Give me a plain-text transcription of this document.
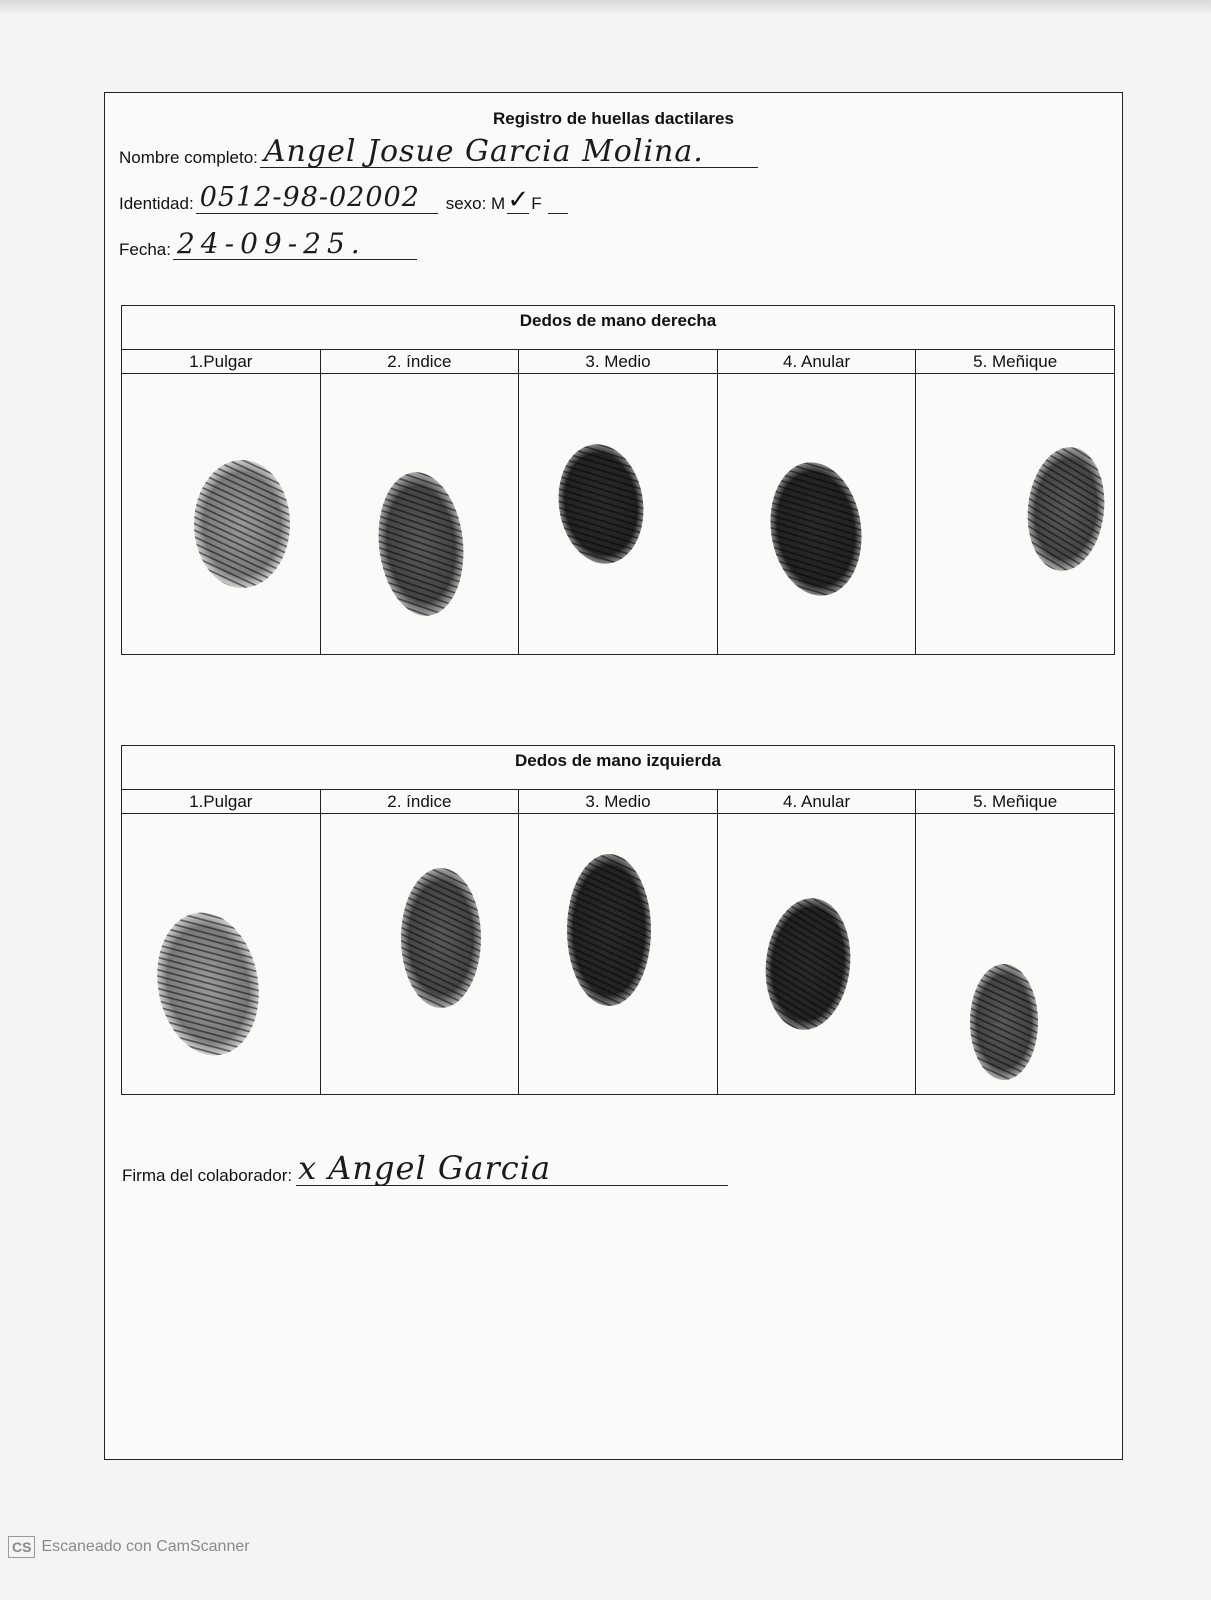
Registro de huellas dactilares
Nombre completo: Angel Josue Garcia Molina.
Identidad: 0512-98-02002	sexo: M ✓ F
Fecha: 24-09-25.
Dedos de mano derecha
1.Pulgar	2. índice	3. Medio	4. Anular	5. Meñique
Dedos de mano izquierda
1.Pulgar	2. índice	3. Medio	4. Anular	5. Meñique
Firma del colaborador: x Angel Garcia
CS Escaneado con CamScanner
